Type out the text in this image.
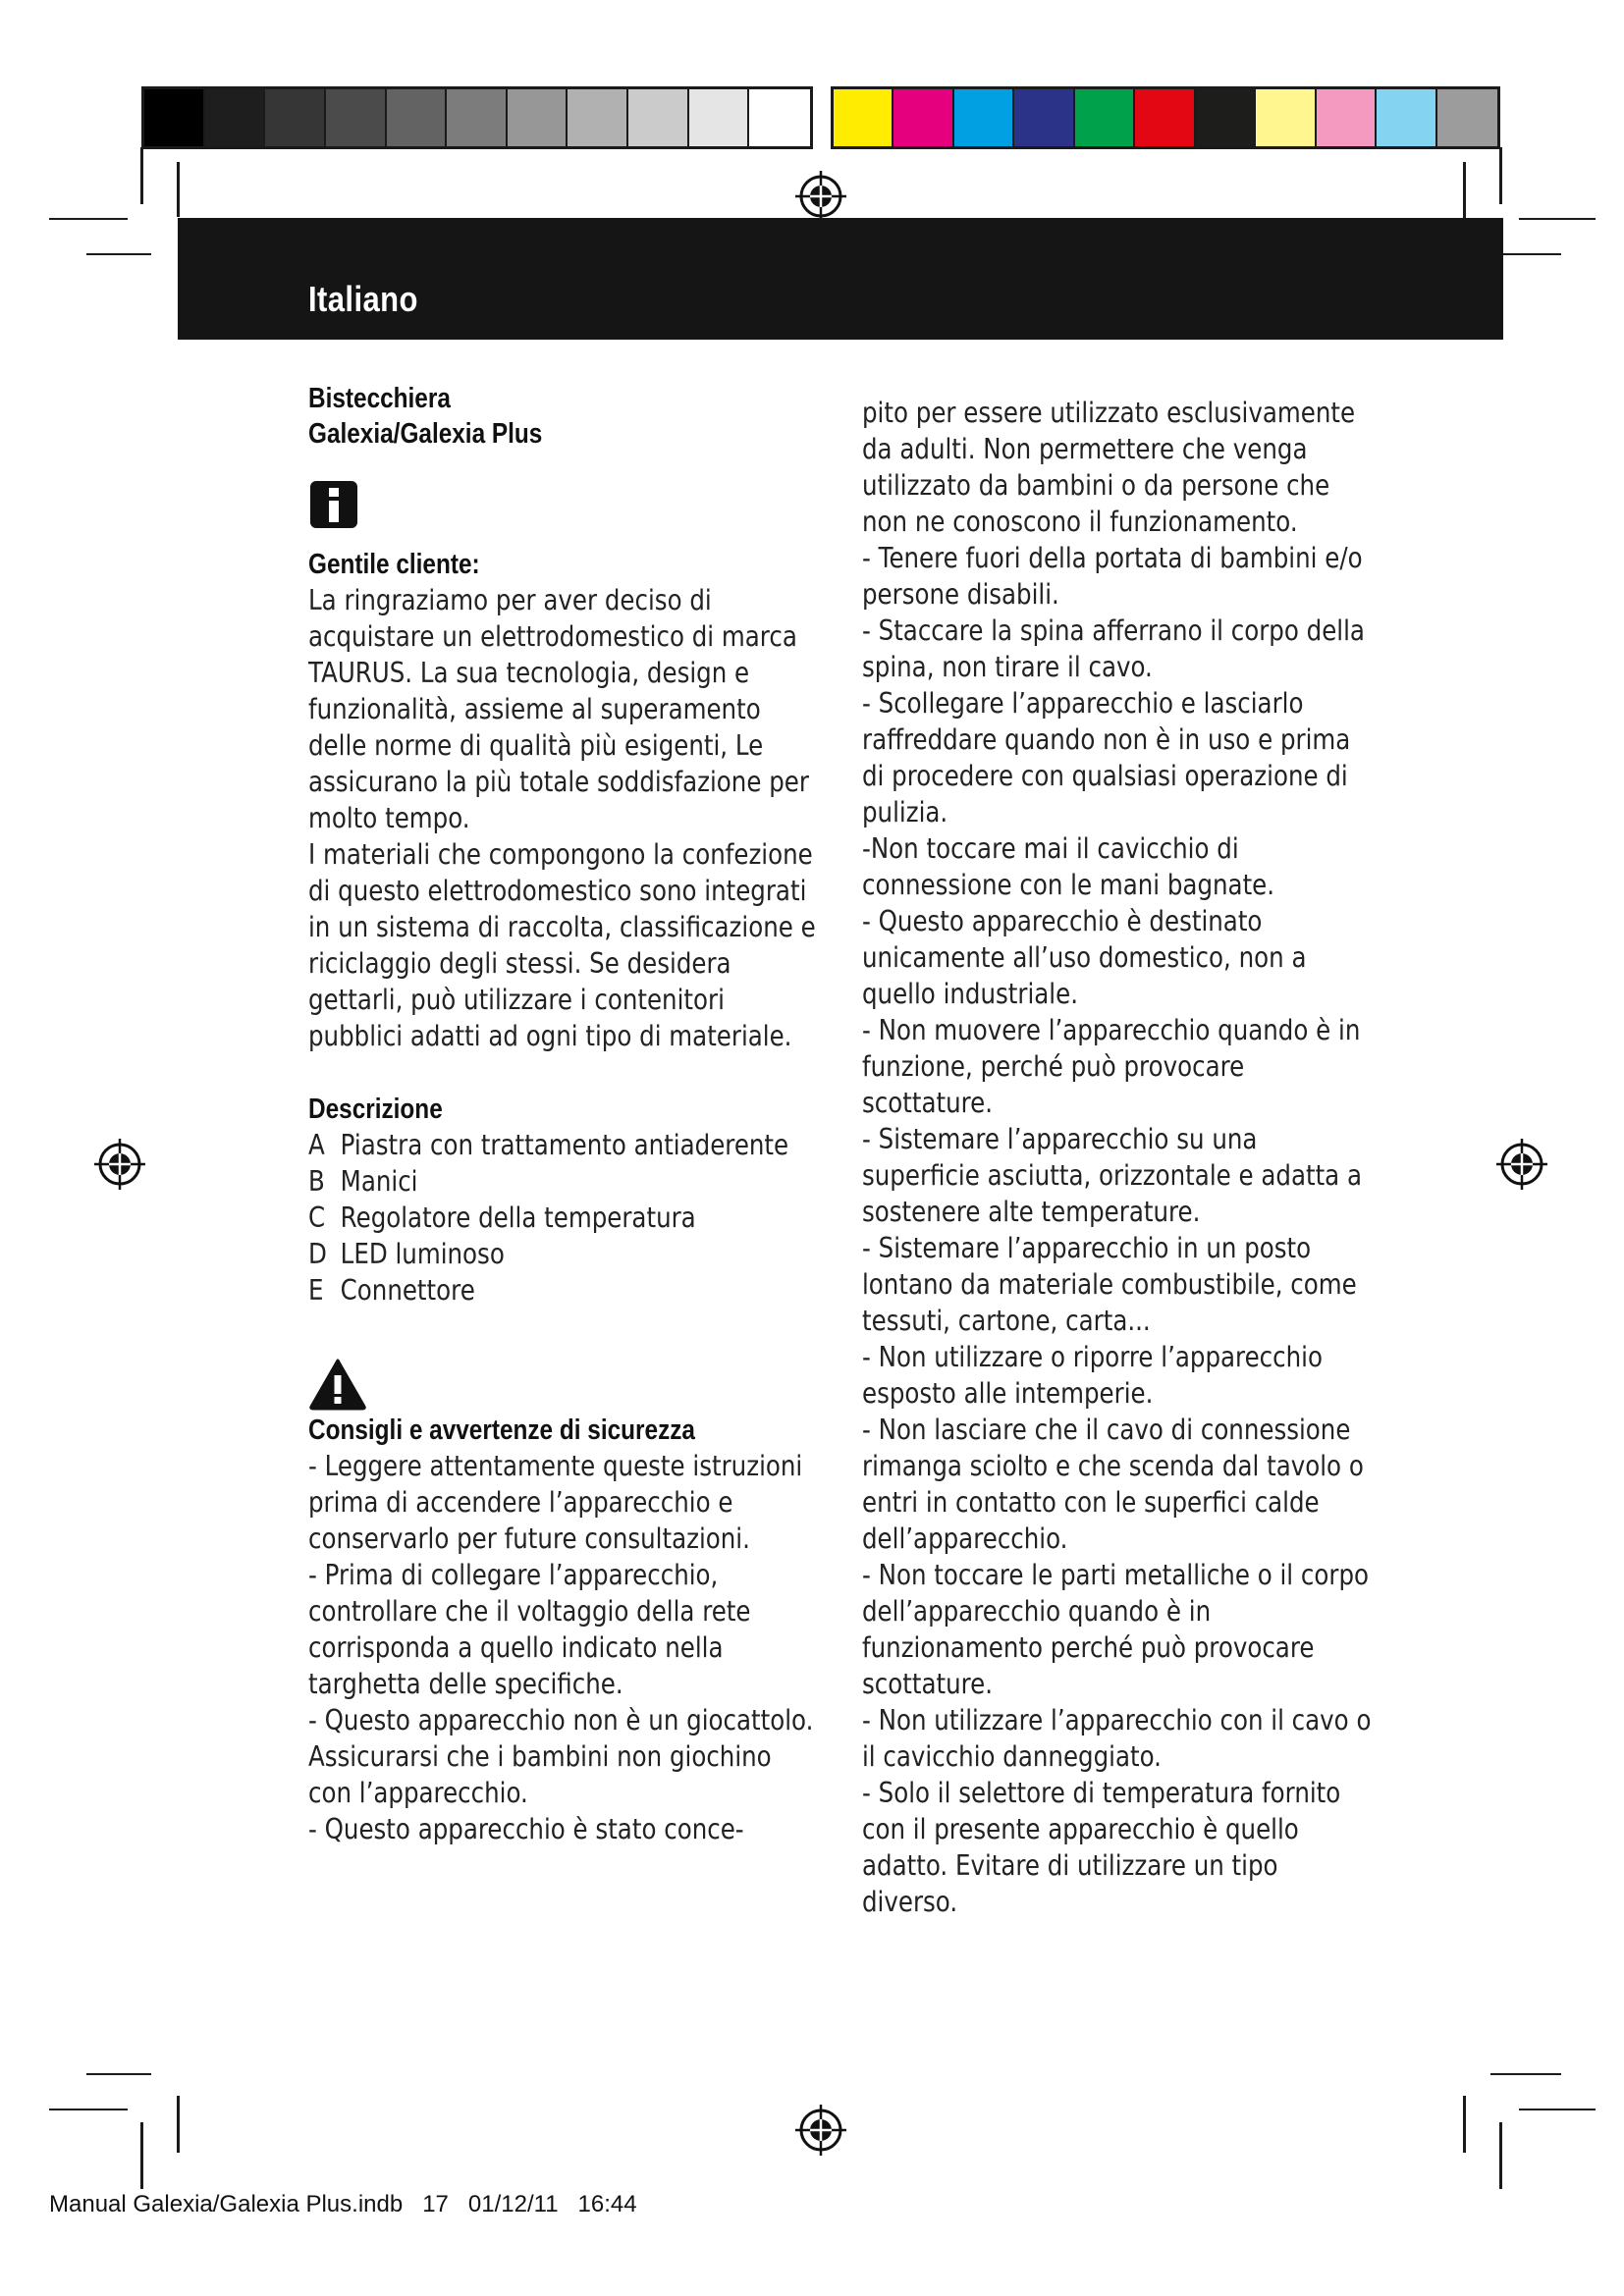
Italiano
Bistecchiera
Galexia/Galexia Plus
Gentile cliente:
La ringraziamo per aver deciso di acquistare un elettrodomestico di marca TAURUS. La sua tecnologia, design e funzionalità, assieme al superamento delle norme di qualità più esigenti, Le assicurano la più totale soddisfazione per molto tempo.
I materiali che compongono la confezione di questo elettrodomestico sono integrati in un sistema di raccolta, classificazione e riciclaggio degli stessi. Se desidera gettarli, può utilizzare i contenitori pubblici adatti ad ogni tipo di materiale.
Descrizione
A Piastra con trattamento antiaderente
B Manici
C Regolatore della temperatura
D LED luminoso
E Connettore
Consigli e avvertenze di sicurezza
- Leggere attentamente queste istruzioni prima di accendere l’apparecchio e conservarlo per future consultazioni.
- Prima di collegare l’apparecchio, controllare che il voltaggio della rete corrisponda a quello indicato nella targhetta delle specifiche.
- Questo apparecchio non è un giocattolo. Assicurarsi che i bambini non giochino con l’apparecchio.
- Questo apparecchio è stato conce-
pito per essere utilizzato esclusivamente da adulti. Non permettere che venga utilizzato da bambini o da persone che non ne conoscono il funzionamento.
- Tenere fuori della portata di bambini e/o persone disabili.
- Staccare la spina afferrano il corpo della spina, non tirare il cavo.
- Scollegare l’apparecchio e lasciarlo raffreddare quando non è in uso e prima di procedere con qualsiasi operazione di pulizia.
-Non toccare mai il cavicchio di connessione con le mani bagnate.
- Questo apparecchio è destinato unicamente all’uso domestico, non a quello industriale.
- Non muovere l’apparecchio quando è in funzione, perché può provocare scottature.
- Sistemare l’apparecchio su una superficie asciutta, orizzontale e adatta a sostenere alte temperature.
- Sistemare l’apparecchio in un posto lontano da materiale combustibile, come tessuti, cartone, carta...
- Non utilizzare o riporre l’apparecchio esposto alle intemperie.
- Non lasciare che il cavo di connessione rimanga sciolto e che scenda dal tavolo o entri in contatto con le superfici calde dell’apparecchio.
- Non toccare le parti metalliche o il corpo dell’apparecchio quando è in funzionamento perché può provocare scottature.
- Non utilizzare l’apparecchio con il cavo o il cavicchio danneggiato.
- Solo il selettore di temperatura fornito con il presente apparecchio è quello adatto. Evitare di utilizzare un tipo diverso.
Manual Galexia/Galexia Plus.indb   17   01/12/11   16:44
